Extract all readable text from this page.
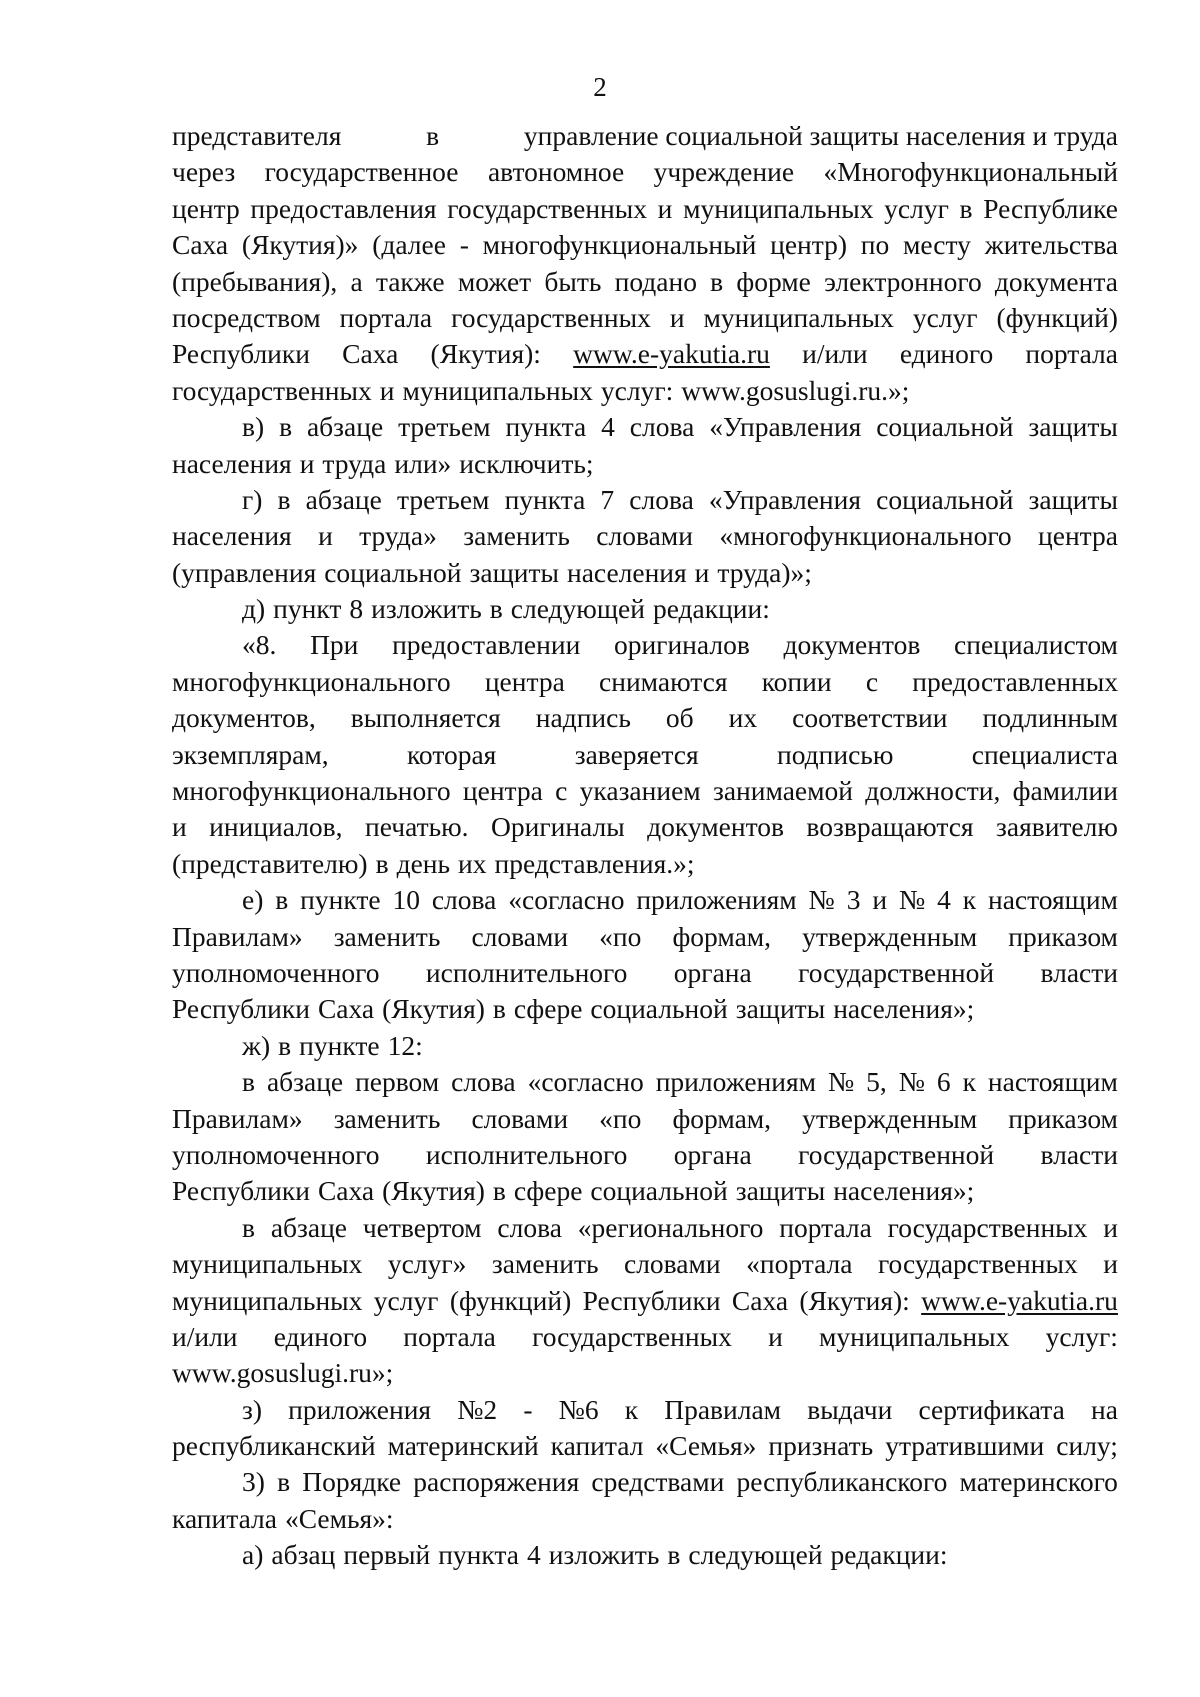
2
представителя	в	управление социальной защиты населения и труда
через государственное автономное учреждение «Многофункциональный
центр предоставления государственных и муниципальных услуг в Республике
Саха (Якутия)» (далее - многофункциональный центр) по месту жительства
(пребывания), а также может быть подано в форме электронного документа
посредством портала государственных и муниципальных услуг (функций)
Республики Саха (Якутия): www.e-yakutia.ru и/или единого портала
государственных и муниципальных услуг: www.gosuslugi.ru.»;
в) в абзаце третьем пункта 4 слова «Управления социальной защиты
населения и труда или» исключить;
г) в абзаце третьем пункта 7 слова «Управления социальной защиты
населения и труда» заменить словами «многофункционального центра
(управления социальной защиты населения и труда)»;
д) пункт 8 изложить в следующей редакции:
«8. При предоставлении оригиналов документов специалистом
многофункционального центра снимаются копии с предоставленных
документов, выполняется надпись об их соответствии подлинным
экземплярам,	которая	заверяется	подписью	специалиста
многофункционального центра с указанием занимаемой должности, фамилии
и инициалов, печатью. Оригиналы документов возвращаются заявителю
(представителю) в день их представления.»;
е) в пункте 10 слова «согласно приложениям № 3 и № 4 к настоящим
Правилам» заменить словами «по формам, утвержденным приказом
уполномоченного исполнительного органа государственной власти
Республики Саха (Якутия) в сфере социальной защиты населения»;
ж) в пункте 12:
в абзаце первом слова «согласно приложениям № 5, № 6 к настоящим
Правилам» заменить словами «по формам, утвержденным приказом
уполномоченного исполнительного органа государственной власти
Республики Саха (Якутия) в сфере социальной защиты населения»;
в абзаце четвертом слова «регионального портала государственных и
муниципальных услуг» заменить словами «портала государственных и
муниципальных услуг (функций) Республики Саха (Якутия): www.e-yakutia.ru
и/или единого портала государственных и муниципальных услуг:
www.gosuslugi.ru»;
з) приложения №2 - №6 к Правилам выдачи сертификата на
республиканский материнский капитал «Семья» признать утратившими силу;
3) в Порядке распоряжения средствами республиканского материнского
капитала «Семья»:
а) абзац первый пункта 4 изложить в следующей редакции:
